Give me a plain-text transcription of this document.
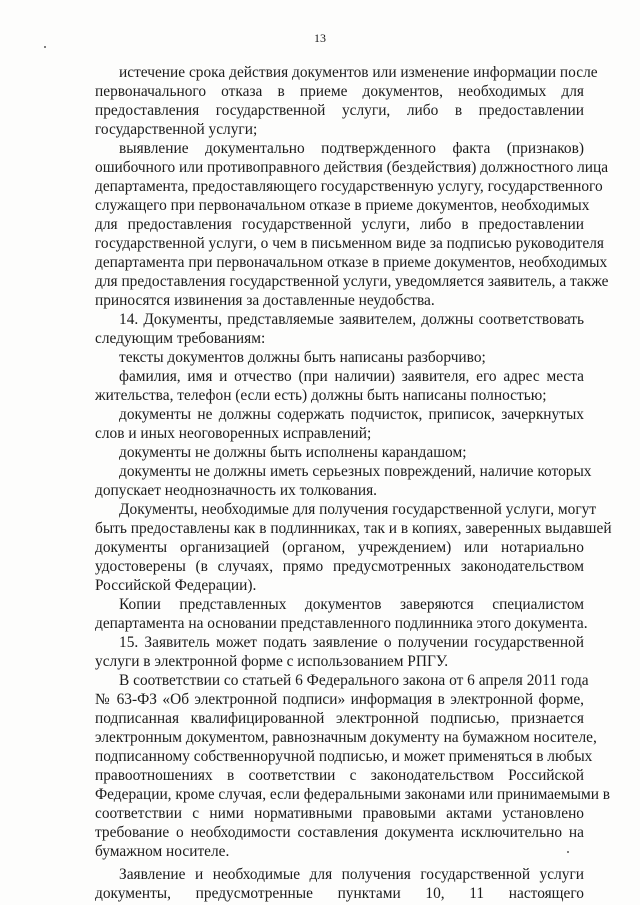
13
истечение срока действия документов или изменение информации после
первоначального отказа в приеме документов, необходимых для
предоставления государственной услуги, либо в предоставлении
государственной услуги;
выявление документально подтвержденного факта (признаков)
ошибочного или противоправного действия (бездействия) должностного лица
департамента, предоставляющего государственную услугу, государственного
служащего при первоначальном отказе в приеме документов, необходимых
для предоставления государственной услуги, либо в предоставлении
государственной услуги, о чем в письменном виде за подписью руководителя
департамента при первоначальном отказе в приеме документов, необходимых
для предоставления государственной услуги, уведомляется заявитель, а также
приносятся извинения за доставленные неудобства.
14. Документы, представляемые заявителем, должны соответствовать
следующим требованиям:
тексты документов должны быть написаны разборчиво;
фамилия, имя и отчество (при наличии) заявителя, его адрес места
жительства, телефон (если есть) должны быть написаны полностью;
документы не должны содержать подчисток, приписок, зачеркнутых
слов и иных неоговоренных исправлений;
документы не должны быть исполнены карандашом;
документы не должны иметь серьезных повреждений, наличие которых
допускает неоднозначность их толкования.
Документы, необходимые для получения государственной услуги, могут
быть предоставлены как в подлинниках, так и в копиях, заверенных выдавшей
документы организацией (органом, учреждением) или нотариально
удостоверены (в случаях, прямо предусмотренных законодательством
Российской Федерации).
Копии представленных документов заверяются специалистом
департамента на основании представленного подлинника этого документа.
15. Заявитель может подать заявление о получении государственной
услуги в электронной форме с использованием РПГУ.
В соответствии со статьей 6 Федерального закона от 6 апреля 2011 года
№ 63-ФЗ «Об электронной подписи» информация в электронной форме,
подписанная квалифицированной электронной подписью, признается
электронным документом, равнозначным документу на бумажном носителе,
подписанному собственноручной подписью, и может применяться в любых
правоотношениях в соответствии с законодательством Российской
Федерации, кроме случая, если федеральными законами или принимаемыми в
соответствии с ними нормативными правовыми актами установлено
требование о необходимости составления документа исключительно на
бумажном носителе.
Заявление и необходимые для получения государственной услуги
документы, предусмотренные пунктами 10, 11 настоящего
